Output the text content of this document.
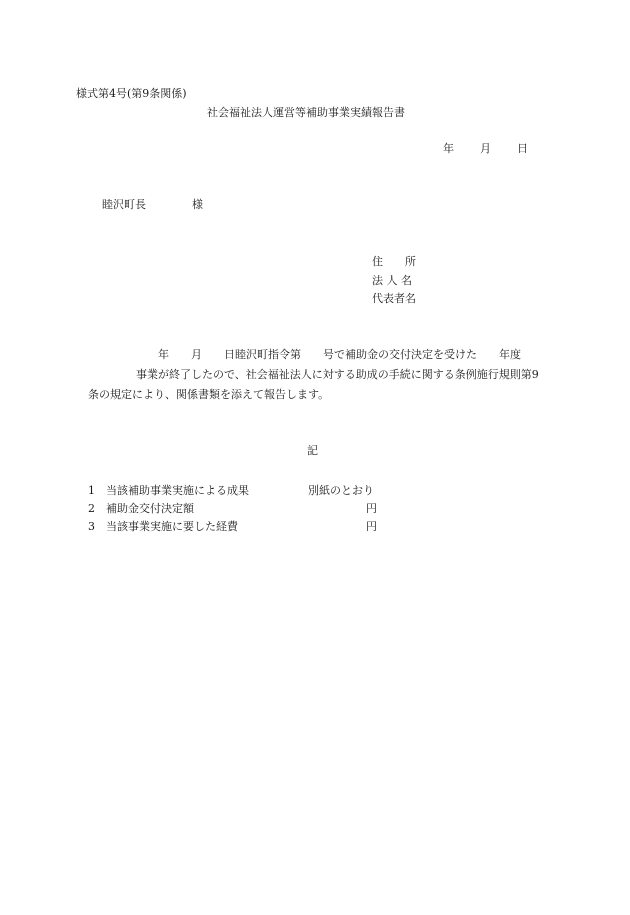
様式第4号(第9条関係)
社会福祉法人運営等補助事業実績報告書
年 月 日
睦沢町長	様
住　　所
法 人 名
代表者名
　　年　　月　　日睦沢町指令第　　号で補助金の交付決定を受けた　　年度
　　　事業が終了したので、社会福祉法人に対する助成の手続に関する条例施行規則第9
条の規定により、関係書類を添えて報告します。
記
1 当該補助事業実施による成果	別紙のとおり
2 補助金交付決定額	円
3 当該事業実施に要した経費	円
